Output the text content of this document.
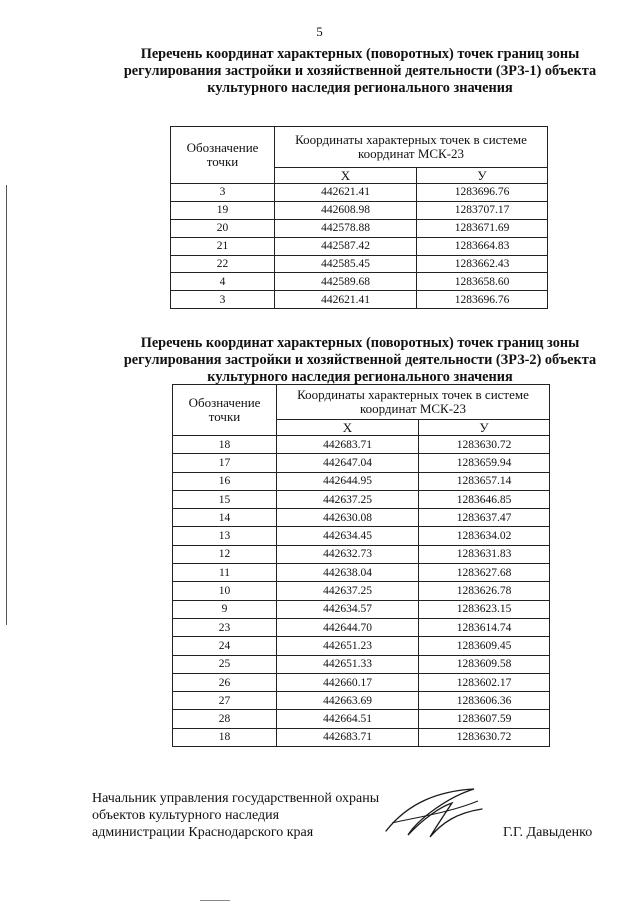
5
Перечень координат характерных (поворотных) точек границ зоны
регулирования застройки и хозяйственной деятельности (ЗРЗ-1) объекта
культурного наследия регионального значения
Обозначение точки	Координаты характерных точек в системе координат МСК-23	
	Х	У
3	442621.41	1283696.76
19	442608.98	1283707.17
20	442578.88	1283671.69
21	442587.42	1283664.83
22	442585.45	1283662.43
4	442589.68	1283658.60
3	442621.41	1283696.76
Перечень координат характерных (поворотных) точек границ зоны
регулирования застройки и хозяйственной деятельности (ЗРЗ-2) объекта
культурного наследия регионального значения
Обозначение точки	Координаты характерных точек в системе координат МСК-23	
	Х	У
18	442683.71	1283630.72
17	442647.04	1283659.94
16	442644.95	1283657.14
15	442637.25	1283646.85
14	442630.08	1283637.47
13	442634.45	1283634.02
12	442632.73	1283631.83
11	442638.04	1283627.68
10	442637.25	1283626.78
9	442634.57	1283623.15
23	442644.70	1283614.74
24	442651.23	1283609.45
25	442651.33	1283609.58
26	442660.17	1283602.17
27	442663.69	1283606.36
28	442664.51	1283607.59
18	442683.71	1283630.72
Начальник управления государственной охраны
объектов культурного наследия
администрации Краснодарского края	Г.Г. Давыденко
